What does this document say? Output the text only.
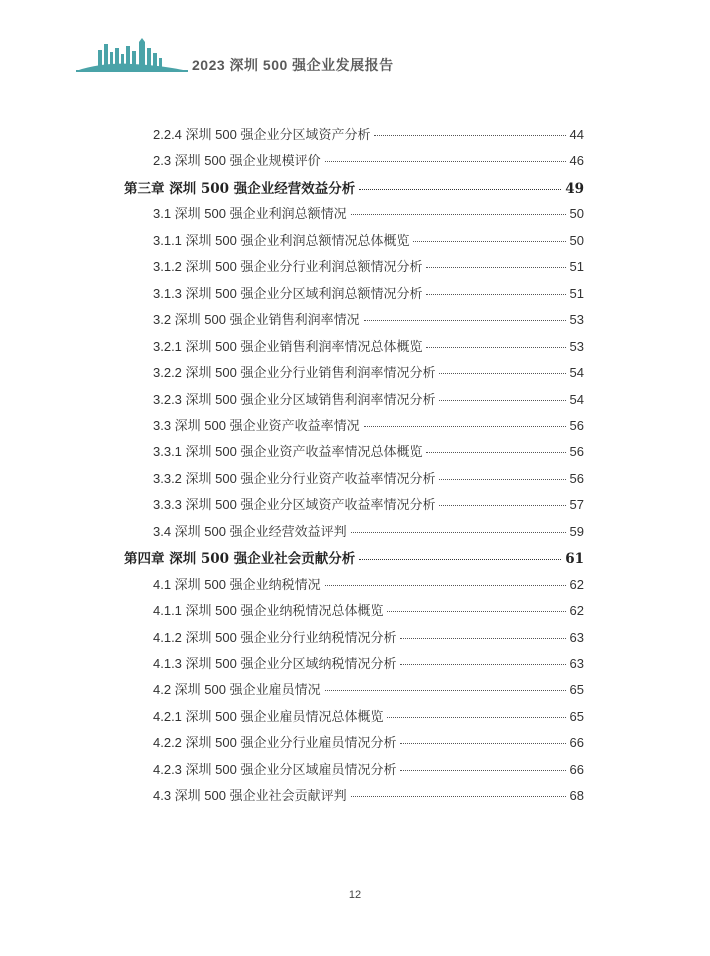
2023 深圳 500 强企业发展报告
2.2.4 深圳 500 强企业分区域资产分析	44
2.3 深圳 500 强企业规模评价	46
第三章 深圳 500 强企业经营效益分析	49
3.1 深圳 500 强企业利润总额情况	50
3.1.1 深圳 500 强企业利润总额情况总体概览	50
3.1.2 深圳 500 强企业分行业利润总额情况分析	51
3.1.3 深圳 500 强企业分区域利润总额情况分析	51
3.2 深圳 500 强企业销售利润率情况	53
3.2.1 深圳 500 强企业销售利润率情况总体概览	53
3.2.2 深圳 500 强企业分行业销售利润率情况分析	54
3.2.3 深圳 500 强企业分区域销售利润率情况分析	54
3.3 深圳 500 强企业资产收益率情况	56
3.3.1 深圳 500 强企业资产收益率情况总体概览	56
3.3.2 深圳 500 强企业分行业资产收益率情况分析	56
3.3.3 深圳 500 强企业分区域资产收益率情况分析	57
3.4 深圳 500 强企业经营效益评判	59
第四章 深圳 500 强企业社会贡献分析	61
4.1 深圳 500 强企业纳税情况	62
4.1.1 深圳 500 强企业纳税情况总体概览	62
4.1.2 深圳 500 强企业分行业纳税情况分析	63
4.1.3 深圳 500 强企业分区域纳税情况分析	63
4.2 深圳 500 强企业雇员情况	65
4.2.1 深圳 500 强企业雇员情况总体概览	65
4.2.2 深圳 500 强企业分行业雇员情况分析	66
4.2.3 深圳 500 强企业分区域雇员情况分析	66
4.3 深圳 500 强企业社会贡献评判	68
12
